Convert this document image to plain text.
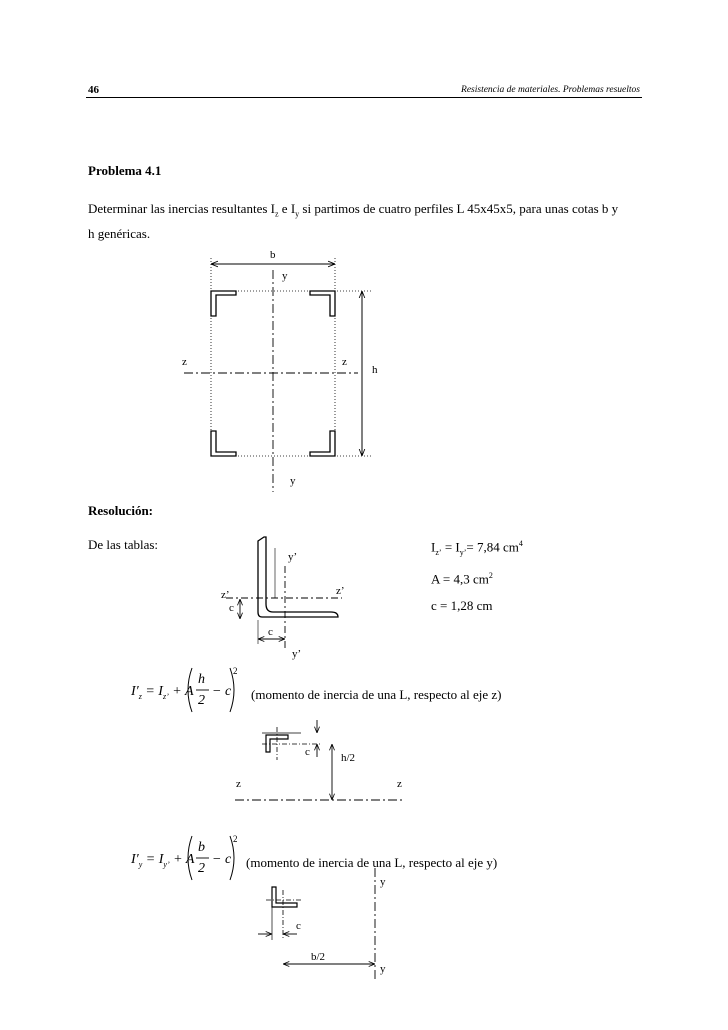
46	Resistencia de materiales. Problemas resueltos
Problema 4.1
Determinar las inercias resultantes $I_z$ e $I_y$ si partimos de cuatro perfiles L 45x45x5, para unas cotas b y
h genéricas.
b
y
z	z
h
y
Resolución:
De las tablas:	$I_{z’} = I_{y’}= 7,84$ $cm^4$
A = 4,3 $cm^2$
c = 1,28 cm
y’
z’	z’
c
c
y’
$I'_z = I_{z’} + A$
h
2
− c
2
(momento de inercia de una L, respecto al eje z)
c	h/2
z	z
$I'_y = I_{y’} + A$
b
2
− c
2
(momento de inercia de una L, respecto al eje y)
y
c
b/2
y
